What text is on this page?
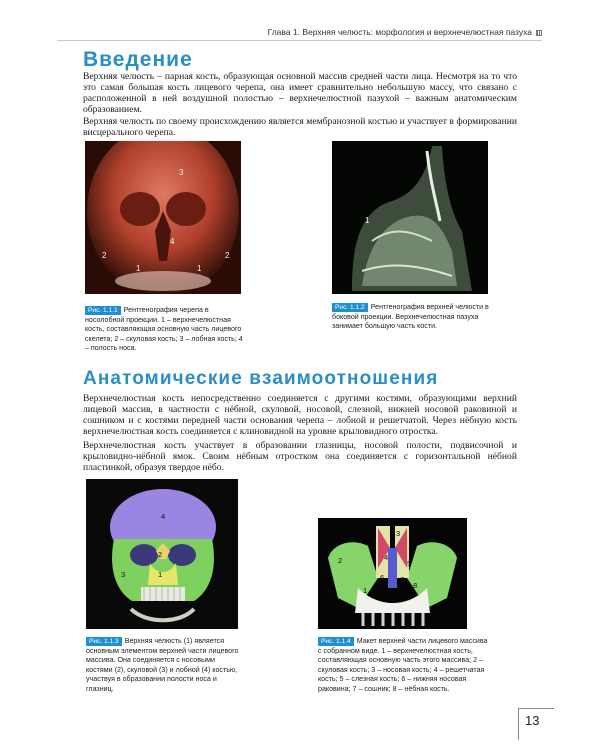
Глава 1. Верхняя челюсть: морфология и верхнечелюстная пазуха
Введение

Верхняя челюсть – парная кость, образующая основной массив средней части лица. Несмотря на то что это самая большая кость лицевого черепа, она имеет сравнительно небольшую массу, что связано с расположенной в ней воздушной полостью – верхнечелюстной пазухой – важным анатомическим образованием.

Верхняя челюсть по своему происхождению является мембранозной костью и участвует в формировании висцерального черепа.

3
4
2	2
1	1
Рис. 1.1.1 Рентгенография черепа в носолобной проекции. 1 – верхнечелюстная кость, составляющая основную часть лицевого скелета; 2 – скуловая кость; 3 – лобная кость; 4 – полость носа.
1
Рис. 1.1.2 Рентгенография верхней челюсти в боковой проекции. Верхнечелюстная пазуха занимает большую часть кости.
Анатомические взаимоотношения

Верхнечелюстная кость непосредственно соединяется с другими костями, образующими верхний лицевой массив, в частности с нёбной, скуловой, носовой, слезной, нижней носовой раковиной и сошником и с костями передней части основания черепа – лобной и решетчатой. Через нёбную кость верхнечелюстная кость соединяется с клиновидной на уровне крыловидного отростка.

Верхнечелюстная кость участвует в образовании глазницы, носовой полости, подвисочной и крыловидно-нёбной ямок. Своим нёбным отростком она соединяется с горизонтальной нёбной пластинкой, образуя твердое нёбо.

4
2
1
3
Рис. 1.1.3 Верхняя челюсть (1) является основным элементом верхней части лицевого массива. Она соединяется с носовыми костями (2), скуловой (3) и лобной (4) костью, участвуя в образовании полости носа и глазниц.
3
2	4
5
6 7
8
1
Рис. 1.1.4 Макет верхней части лицевого массива с собранном виде. 1 – верхнечелюстная кость, составляющая основную часть этого массива; 2 – скуловая кость; 3 – носовая кость; 4 – решетчатая кость; 5 – слезная кость; 6 – нижняя носовая раковина; 7 – сошник; 8 – нёбная кость.
13
